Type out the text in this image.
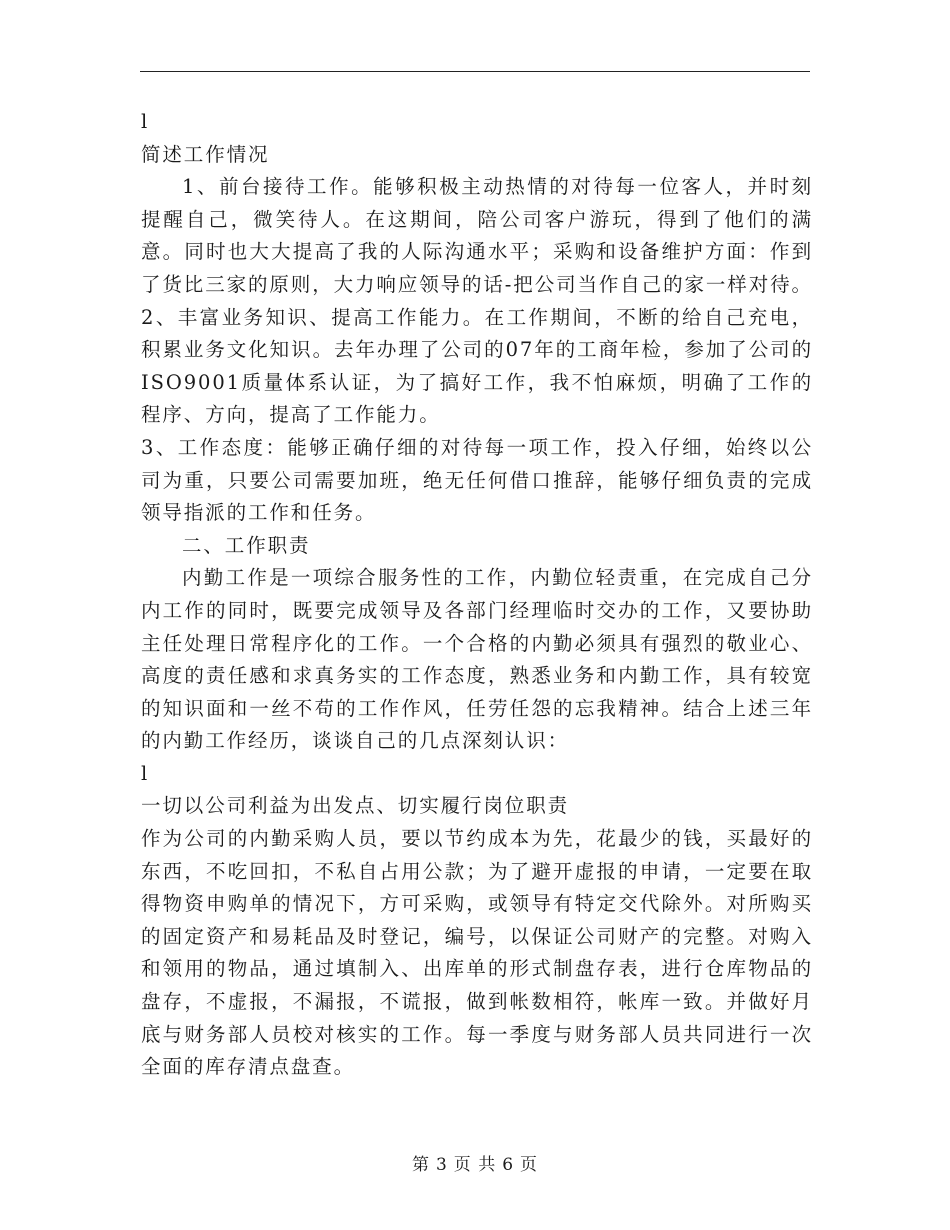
l

简述工作情况

1、前台接待工作。能够积极主动热情的对待每一位客人，并时刻提醒自己，微笑待人。在这期间，陪公司客户游玩，得到了他们的满意。同时也大大提高了我的人际沟通水平；采购和设备维护方面：作到了货比三家的原则，大力响应领导的话-把公司当作自己的家一样对待。

2、丰富业务知识、提高工作能力。在工作期间，不断的给自己充电，积累业务文化知识。去年办理了公司的07年的工商年检，参加了公司的ISO9001质量体系认证，为了搞好工作，我不怕麻烦，明确了工作的程序、方向，提高了工作能力。

3、工作态度：能够正确仔细的对待每一项工作，投入仔细，始终以公司为重，只要公司需要加班，绝无任何借口推辞，能够仔细负责的完成领导指派的工作和任务。

二、工作职责

内勤工作是一项综合服务性的工作，内勤位轻责重，在完成自己分内工作的同时，既要完成领导及各部门经理临时交办的工作，又要协助主任处理日常程序化的工作。一个合格的内勤必须具有强烈的敬业心、高度的责任感和求真务实的工作态度，熟悉业务和内勤工作，具有较宽的知识面和一丝不苟的工作作风，任劳任怨的忘我精神。结合上述三年的内勤工作经历，谈谈自己的几点深刻认识：

l

一切以公司利益为出发点、切实履行岗位职责

作为公司的内勤采购人员，要以节约成本为先，花最少的钱，买最好的东西，不吃回扣，不私自占用公款；为了避开虚报的申请，一定要在取得物资申购单的情况下，方可采购，或领导有特定交代除外。对所购买的固定资产和易耗品及时登记，编号，以保证公司财产的完整。对购入和领用的物品，通过填制入、出库单的形式制盘存表，进行仓库物品的盘存，不虚报，不漏报，不谎报，做到帐数相符，帐库一致。并做好月底与财务部人员校对核实的工作。每一季度与财务部人员共同进行一次全面的库存清点盘查。

第 3 页 共 6 页
